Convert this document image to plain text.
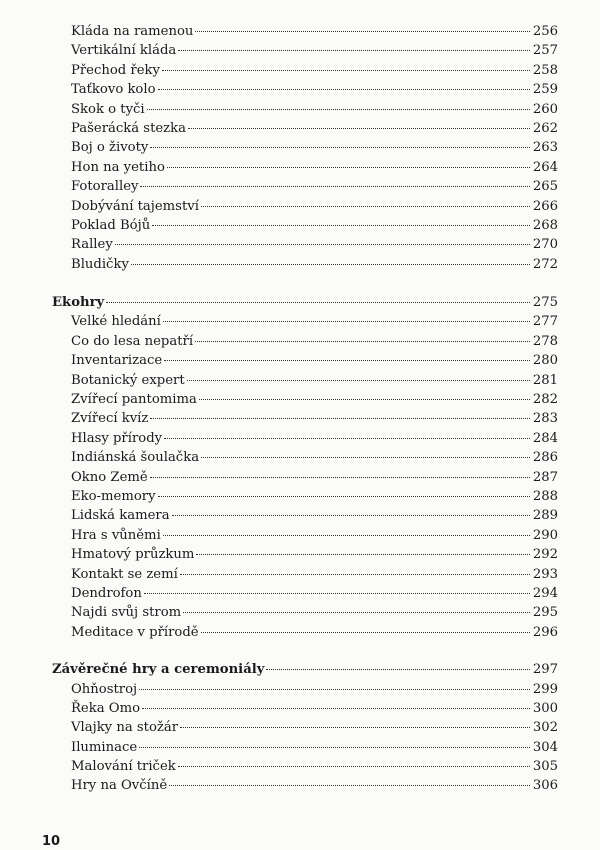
Kláda na ramenou	256
Vertikální kláda	257
Přechod řeky	258
Taťkovo kolo	259
Skok o tyči	260
Pašerácká stezka	262
Boj o životy	263
Hon na yetiho	264
Fotoralley	265
Dobývání tajemství	266
Poklad Bójů	268
Ralley	270
Bludičky	272
Ekohry	275
Velké hledání	277
Co do lesa nepatří	278
Inventarizace	280
Botanický expert	281
Zvířecí pantomima	282
Zvířecí kvíz	283
Hlasy přírody	284
Indiánská šoulačka	286
Okno Země	287
Eko-memory	288
Lidská kamera	289
Hra s vůněmi	290
Hmatový průzkum	292
Kontakt se zemí	293
Dendrofon	294
Najdi svůj strom	295
Meditace v přírodě	296
Závěrečné hry a ceremoniály	297
Ohňostroj	299
Řeka Omo	300
Vlajky na stožár	302
Iluminace	304
Malování triček	305
Hry na Ovčíně	306
10
